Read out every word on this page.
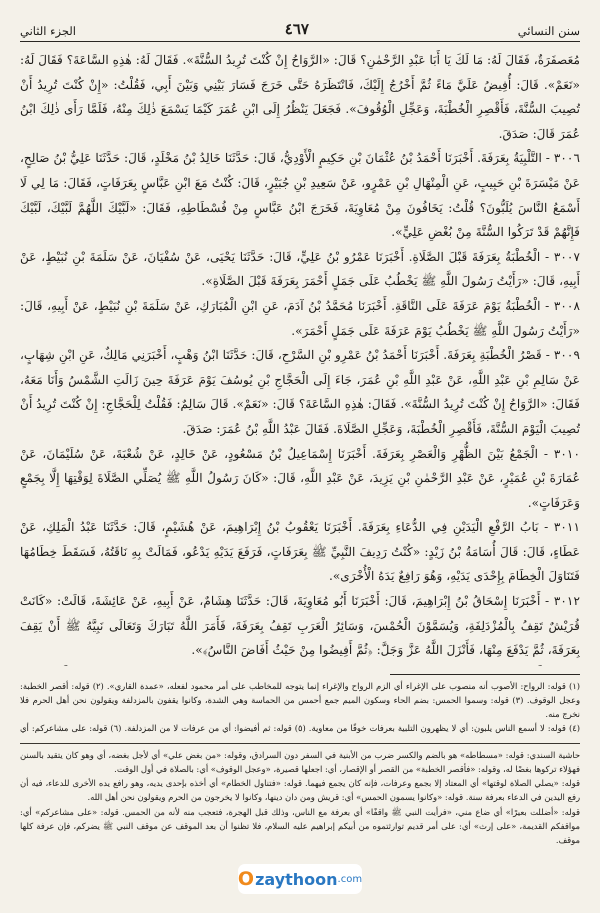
سنن النسائي
٤٦٧
الجزء الثاني

مُعَصفَرَةٌ، فَقَالَ لَهُ: مَا لَكَ يَا أَبَا عَبْدِ الرَّحْمٰنِ؟ قَالَ: «الرَّوَاحُ إِنْ كُنْتَ تُرِيدُ السُّنَّةَ». فَقَالَ لَهُ: هٰذِهِ السَّاعَةَ؟ فَقَالَ لَهُ: «نَعَمْ». قَالَ: أُفِيضُ عَلَيَّ مَاءً ثُمَّ أَخْرُجُ إِلَيْكَ، فَانْتَظَرَهُ حَتَّى خَرَجَ فَسَارَ بَيْنِي وَبَيْنَ أَبِي، فَقُلْتُ: «إِنْ كُنْتَ تُرِيدُ أَنْ تُصِيبَ السُّنَّةَ، فَأَقْصِرِ الْخُطْبَةَ، وَعَجِّلِ الْوُقُوفَ». فَجَعَلَ يَنْظُرُ إِلَى ابْنِ عُمَرَ كَيْمَا يَسْمَعَ ذٰلِكَ مِنْهُ، فَلَمَّا رَأَى ذٰلِكَ ابْنُ عُمَرَ قَالَ: صَدَقَ.

٣٠٠٦ - التَّلْبِيَةُ بِعَرَفَةَ. أَخْبَرَنَا أَحْمَدُ بْنُ عُثْمَانَ بْنِ حَكِيمٍ الْأَوْدِيُّ، قَالَ: حَدَّثَنَا خَالِدُ بْنُ مَخْلَدٍ، قَالَ: حَدَّثَنَا عَلِيُّ بْنُ صَالِحٍ، عَنْ مَيْسَرَةَ بْنِ حَبِيبٍ، عَنِ الْمِنْهَالِ بْنِ عَمْرٍو، عَنْ سَعِيدِ بْنِ جُبَيْرٍ، قَالَ: كُنْتُ مَعَ ابْنِ عَبَّاسٍ بِعَرَفَاتٍ، فَقَالَ: مَا لِي لَا أَسْمَعُ النَّاسَ يُلَبُّونَ؟ قُلْتُ: يَخَافُونَ مِنْ مُعَاوِيَةَ، فَخَرَجَ ابْنُ عَبَّاسٍ مِنْ فُسْطَاطِهِ، فَقَالَ: «لَبَّيْكَ اللَّهُمَّ لَبَّيْكَ، لَبَّيْكَ فَإِنَّهُمْ قَدْ تَرَكُوا السُّنَّةَ مِنْ بُغْضِ عَلِيٍّ».

٣٠٠٧ - الْخُطْبَةُ بِعَرَفَةَ قَبْلَ الصَّلَاةِ. أَخْبَرَنَا عَمْرُو بْنُ عَلِيٍّ، قَالَ: حَدَّثَنَا يَحْيَى، عَنْ سُفْيَانَ، عَنْ سَلَمَةَ بْنِ نُبَيْطٍ، عَنْ أَبِيهِ، قَالَ: «رَأَيْتُ رَسُولَ اللَّهِ ﷺ يَخْطُبُ عَلَى جَمَلٍ أَحْمَرَ بِعَرَفَةَ قَبْلَ الصَّلَاةِ».

٣٠٠٨ - الْخُطْبَةُ يَوْمَ عَرَفَةَ عَلَى النَّاقَةِ. أَخْبَرَنَا مُحَمَّدُ بْنُ آدَمَ، عَنِ ابْنِ الْمُبَارَكِ، عَنْ سَلَمَةَ بْنِ نُبَيْطٍ، عَنْ أَبِيهِ، قَالَ: «رَأَيْتُ رَسُولَ اللَّهِ ﷺ يَخْطُبُ يَوْمَ عَرَفَةَ عَلَى جَمَلٍ أَحْمَرَ».

٣٠٠٩ - قَصْرُ الْخُطْبَةِ بِعَرَفَةَ. أَخْبَرَنَا أَحْمَدُ بْنُ عَمْرِو بْنِ السَّرْحِ، قَالَ: حَدَّثَنَا ابْنُ وَهْبٍ، أَخْبَرَنِي مَالِكٌ، عَنِ ابْنِ شِهَابٍ، عَنْ سَالِمِ بْنِ عَبْدِ اللَّهِ، عَنْ عَبْدِ اللَّهِ بْنِ عُمَرَ، جَاءَ إِلَى الْحَجَّاجِ بْنِ يُوسُفَ يَوْمَ عَرَفَةَ حِينَ زَالَتِ الشَّمْسُ وَأَنَا مَعَهُ، فَقَالَ: «الرَّوَاحُ إِنْ كُنْتَ تُرِيدُ السُّنَّةَ». فَقَالَ: هٰذِهِ السَّاعَةَ؟ قَالَ: «نَعَمْ». قَالَ سَالِمٌ: فَقُلْتُ لِلْحَجَّاجِ: إِنْ كُنْتَ تُرِيدُ أَنْ تُصِيبَ الْيَوْمَ السُّنَّةَ، فَأَقْصِرِ الْخُطْبَةَ، وَعَجِّلِ الصَّلَاةَ. فَقَالَ عَبْدُ اللَّهِ بْنُ عُمَرَ: صَدَقَ.

٣٠١٠ - الْجَمْعُ بَيْنَ الظُّهْرِ وَالْعَصْرِ بِعَرَفَةَ. أَخْبَرَنَا إِسْمَاعِيلُ بْنُ مَسْعُودٍ، عَنْ خَالِدٍ، عَنْ شُعْبَةَ، عَنْ سُلَيْمَانَ، عَنْ عُمَارَةَ بْنِ عُمَيْرٍ، عَنْ عَبْدِ الرَّحْمٰنِ بْنِ يَزِيدَ، عَنْ عَبْدِ اللَّهِ، قَالَ: «كَانَ رَسُولُ اللَّهِ ﷺ يُصَلِّي الصَّلَاةَ لِوَقْتِهَا إِلَّا بِجَمْعٍ وَعَرَفَاتٍ».

٣٠١١ - بَابُ الرَّفْعِ الْيَدَيْنِ فِي الدُّعَاءِ بِعَرَفَةَ. أَخْبَرَنَا يَعْقُوبُ بْنُ إِبْرَاهِيمَ، عَنْ هُشَيْمٍ، قَالَ: حَدَّثَنَا عَبْدُ الْمَلِكِ، عَنْ عَطَاءٍ، قَالَ: قَالَ أُسَامَةُ بْنُ زَيْدٍ: «كُنْتُ رَدِيفَ النَّبِيِّ ﷺ بِعَرَفَاتٍ، فَرَفَعَ يَدَيْهِ يَدْعُو، فَمَالَتْ بِهِ نَاقَتُهُ، فَسَقَطَ خِطَامُهَا فَتَنَاوَلَ الْخِطَامَ بِإِحْدَى يَدَيْهِ، وَهُوَ رَافِعٌ يَدَهُ الْأُخْرَى».

٣٠١٢ - أَخْبَرَنَا إِسْحَاقُ بْنُ إِبْرَاهِيمَ، قَالَ: أَخْبَرَنَا أَبُو مُعَاوِيَةَ، قَالَ: حَدَّثَنَا هِشَامٌ، عَنْ أَبِيهِ، عَنْ عَائِشَةَ، قَالَتْ: «كَانَتْ قُرَيْشٌ تَقِفُ بِالْمُزْدَلِفَةِ، وَيُسَمَّوْنَ الْحُمْسَ، وَسَائِرُ الْعَرَبِ تَقِفُ بِعَرَفَةَ، فَأَمَرَ اللَّهُ تَبَارَكَ وَتَعَالَى نَبِيَّهُ ﷺ أَنْ يَقِفَ بِعَرَفَةَ، ثُمَّ يَدْفَعَ مِنْهَا، فَأَنْزَلَ اللَّهُ عَزَّ وَجَلَّ: ﴿ثُمَّ أَفِيضُوا مِنْ حَيْثُ أَفَاضَ النَّاسُ﴾».

(١) قوله: الرواح: الأصوب أنه منصوب على الإغراء أي الزم الرواح والإغراء إنما يتوجه للمخاطب على أمر محمود لفعله، «عمدة القاري». (٢) قوله: أقصر الخطبة: وعجل الوقوف. (٣) قوله: وسموا الحمس: بضم الحاء وسكون الميم جمع أحمس من الحماسة وهي الشدة، وكانوا يقفون بالمزدلفة ويقولون نحن أهل الحرم فلا نخرج منه.

(٤) قوله: لا أسمع الناس يلبون: أي لا يظهرون التلبية بعرفات خوفًا من معاوية. (٥) قوله: ثم أفيضوا: أي من عرفات لا من المزدلفة. (٦) قوله: على مشاعركم: أي

حاشية السندي: قوله: «مسطاطه» هو بالضم والكسر ضرب من الأبنية في السفر دون السرادق، وقوله: «من بغض علي» أي لأجل بغضه، أي وهو كان يتقيد بالسنن فهؤلاء تركوها بغضًا له، وقوله: «فأقصر الخطبة» من القصر أو الإقصار، أي: اجعلها قصيرة، «وعجل الوقوف» أي: بالصلاة في أول الوقت.

قوله: «يصلي الصلاة لوقتها» أي المعتاد إلا بجمع وعرفات، فإنه كان يجمع فيهما. قوله: «فتناول الخطام» أي أخذه بإحدى يديه، وهو رافع يده الأخرى للدعاء، فيه أن رفع اليدين في الدعاء بعرفة سنة. قوله: «وكانوا يسمون الحمس» أي: قريش ومن دان دينها، وكانوا لا يخرجون من الحرم ويقولون نحن أهل الله.

قوله: «أضللت بعيرًا» أي ضاع مني، «فرأيت النبي ﷺ واقفًا» أي بعرفة مع الناس، وذلك قبل الهجرة، فتعجب منه لأنه من الحمس. قوله: «على مشاعركم» أي: مواقفكم القديمة، «على إرث» أي: على أمر قديم توارثتموه من أبيكم إبراهيم عليه السلام، فلا تظنوا أن بعد الموقف عن موقف النبي ﷺ يضركم، فإن عرفة كلها موقف.

O zaythoon .com
